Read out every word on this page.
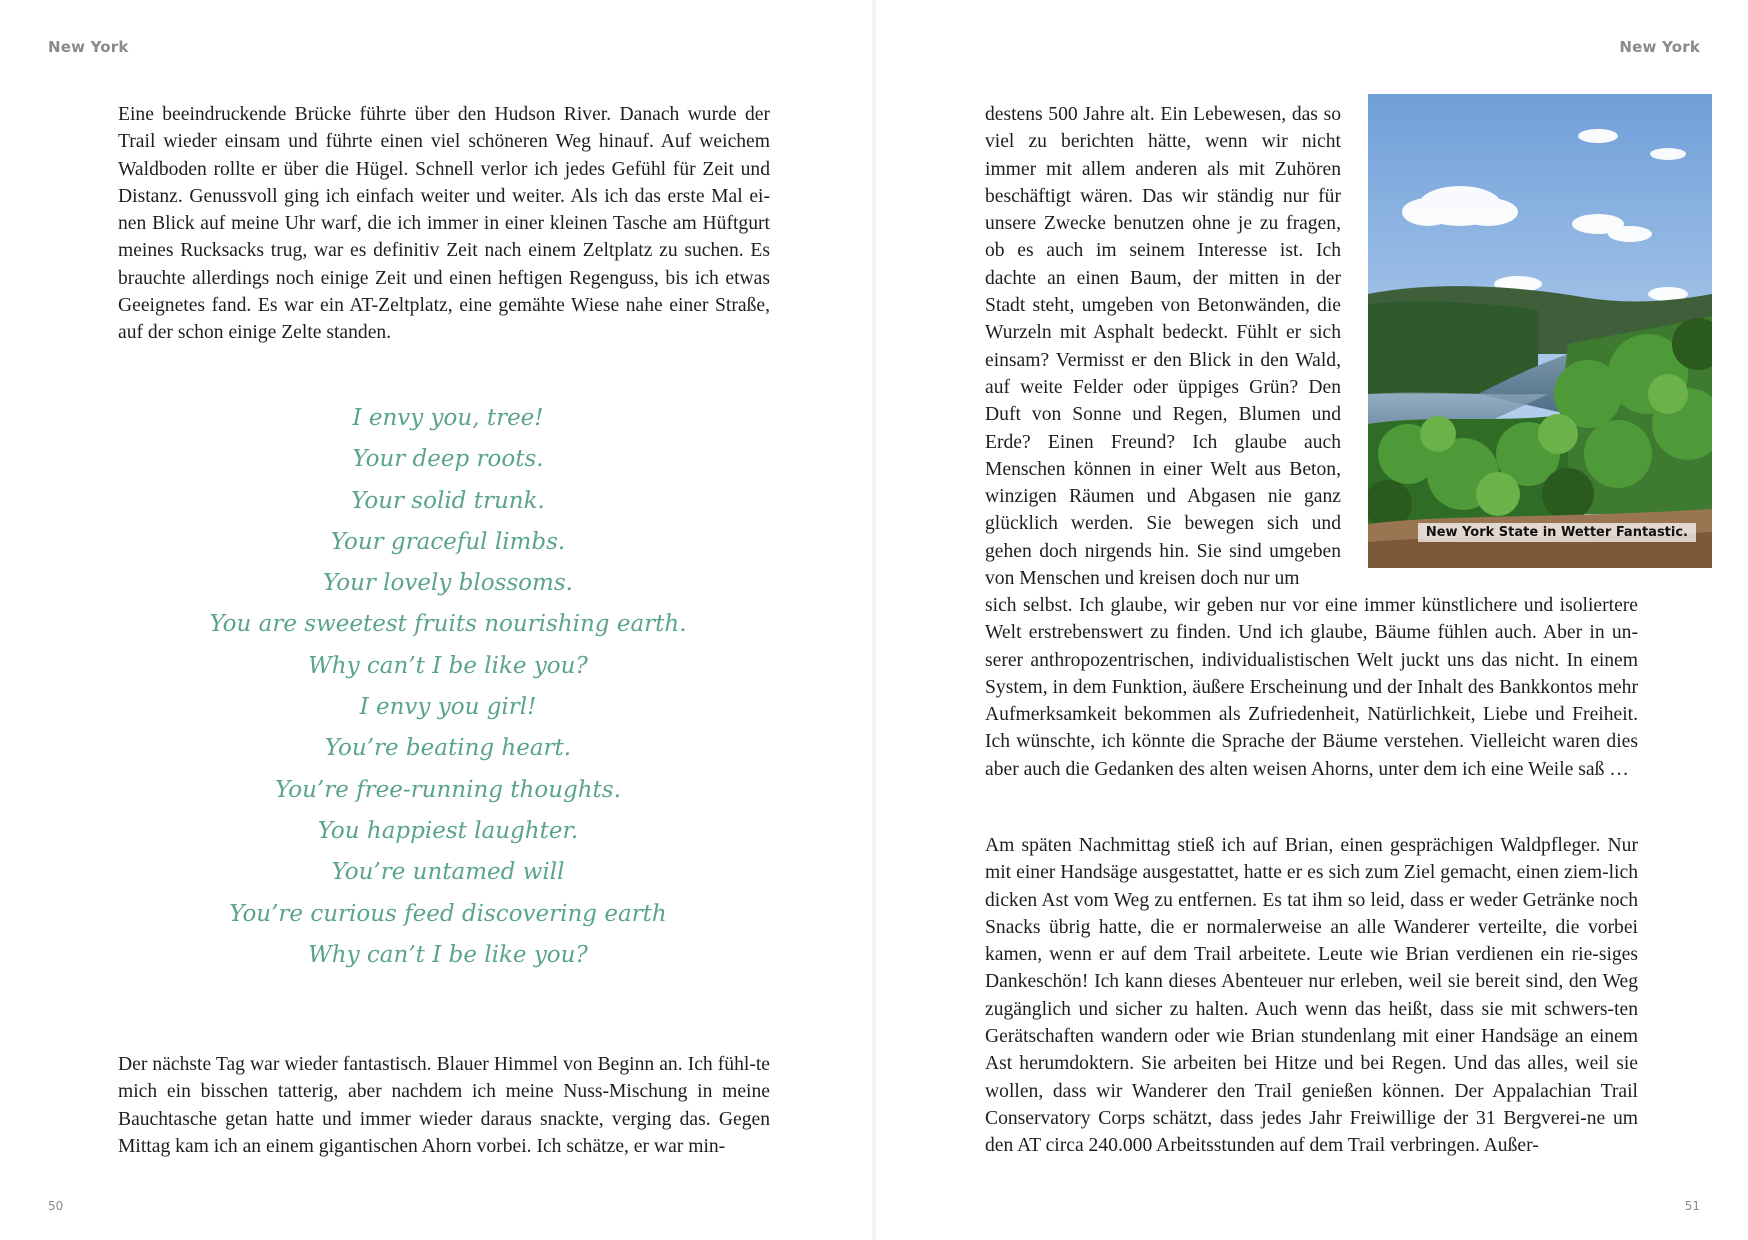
New York

Eine beeindruckende Brücke führte über den Hudson River. Danach wurde der Trail wieder einsam und führte einen viel schöneren Weg hinauf. Auf weichem Waldboden rollte er über die Hügel. Schnell verlor ich jedes Gefühl für Zeit und Distanz. Genussvoll ging ich einfach weiter und weiter. Als ich das erste Mal ei-nen Blick auf meine Uhr warf, die ich immer in einer kleinen Tasche am Hüftgurt meines Rucksacks trug, war es definitiv Zeit nach einem Zeltplatz zu suchen. Es brauchte allerdings noch einige Zeit und einen heftigen Regenguss, bis ich etwas Geeignetes fand. Es war ein AT-Zeltplatz, eine gemähte Wiese nahe einer Straße, auf der schon einige Zelte standen.

I envy you, tree!
Your deep roots.
Your solid trunk.
Your graceful limbs.
Your lovely blossoms.
You are sweetest fruits nourishing earth.
Why can’t I be like you?
I envy you girl!
You’re beating heart.
You’re free-running thoughts.
You happiest laughter.
You’re untamed will
You’re curious feed discovering earth
Why can’t I be like you?

Der nächste Tag war wieder fantastisch. Blauer Himmel von Beginn an. Ich fühl-te mich ein bisschen tatterig, aber nachdem ich meine Nuss-Mischung in meine Bauchtasche getan hatte und immer wieder daraus snackte, verging das. Gegen Mittag kam ich an einem gigantischen Ahorn vorbei. Ich schätze, er war min-

50
New York
51
New York State in Wetter Fantastic.

destens 500 Jahre alt. Ein Lebewesen, das so viel zu berichten hätte, wenn wir nicht immer mit allem anderen als mit Zuhören beschäftigt wären. Das wir ständig nur für unsere Zwecke benutzen ohne je zu fragen, ob es auch im seinem Interesse ist. Ich dachte an einen Baum, der mitten in der Stadt steht, umgeben von Betonwänden, die Wurzeln mit Asphalt bedeckt. Fühlt er sich einsam? Vermisst er den Blick in den Wald, auf weite Felder oder üppiges Grün? Den Duft von Sonne und Regen, Blumen und Erde? Einen Freund? Ich glaube auch Menschen können in einer Welt aus Beton, winzigen Räumen und Abgasen nie ganz glücklich werden. Sie bewegen sich und gehen doch nirgends hin. Sie sind umgeben von Menschen und kreisen doch nur um

sich selbst. Ich glaube, wir geben nur vor eine immer künstlichere und isoliertere Welt erstrebenswert zu finden. Und ich glaube, Bäume fühlen auch. Aber in un-serer anthropozentrischen, individualistischen Welt juckt uns das nicht. In einem System, in dem Funktion, äußere Erscheinung und der Inhalt des Bankkontos mehr Aufmerksamkeit bekommen als Zufriedenheit, Natürlichkeit, Liebe und Freiheit. Ich wünschte, ich könnte die Sprache der Bäume verstehen. Vielleicht waren dies aber auch die Gedanken des alten weisen Ahorns, unter dem ich eine Weile saß …

Am späten Nachmittag stieß ich auf Brian, einen gesprächigen Waldpfleger. Nur mit einer Handsäge ausgestattet, hatte er es sich zum Ziel gemacht, einen ziem-lich dicken Ast vom Weg zu entfernen. Es tat ihm so leid, dass er weder Getränke noch Snacks übrig hatte, die er normalerweise an alle Wanderer verteilte, die vorbei kamen, wenn er auf dem Trail arbeitete. Leute wie Brian verdienen ein rie-siges Dankeschön! Ich kann dieses Abenteuer nur erleben, weil sie bereit sind, den Weg zugänglich und sicher zu halten. Auch wenn das heißt, dass sie mit schwers-ten Gerätschaften wandern oder wie Brian stundenlang mit einer Handsäge an einem Ast herumdoktern. Sie arbeiten bei Hitze und bei Regen. Und das alles, weil sie wollen, dass wir Wanderer den Trail genießen können. Der Appalachian Trail Conservatory Corps schätzt, dass jedes Jahr Freiwillige der 31 Bergverei-ne um den AT circa 240.000 Arbeitsstunden auf dem Trail verbringen. Außer-
